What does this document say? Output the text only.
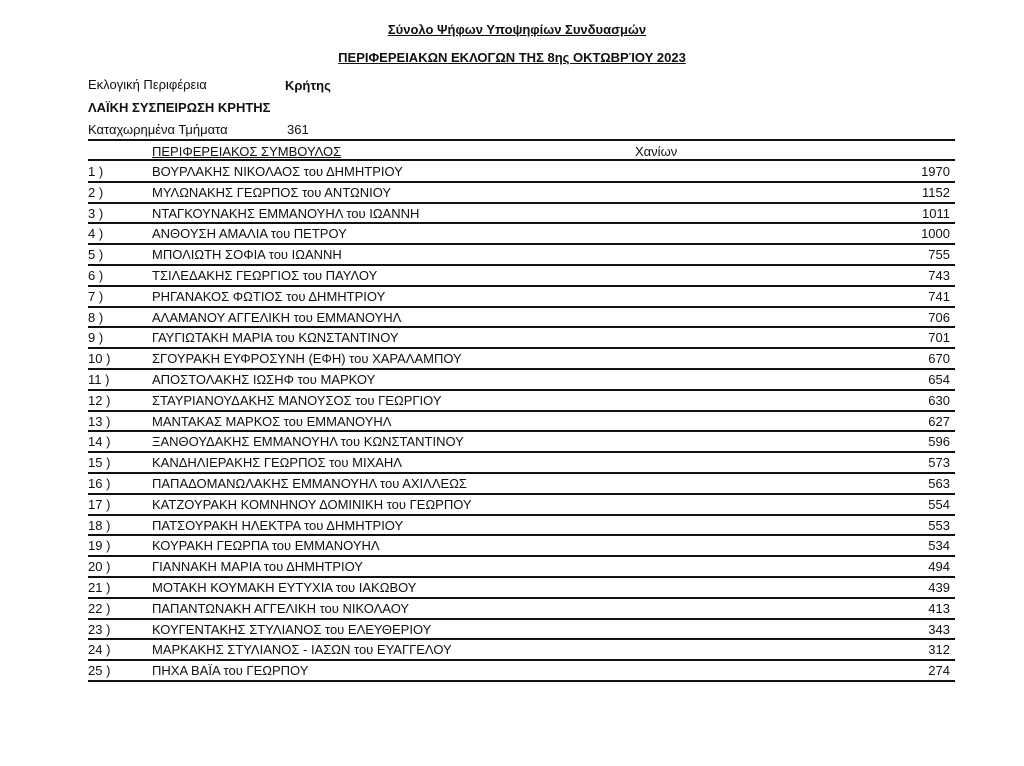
Σύνολο Ψήφων Υποψηφίων Συνδυασμών
ΠΕΡΙΦΕΡΕΙΑΚΩΝ ΕΚΛΟΓΩΝ ΤΗΣ 8ης ΟΚΤΩΒΡΊΟΥ 2023
Εκλογική Περιφέρεια	Κρήτης
ΛΑΪΚΗ ΣΥΣΠΕΙΡΩΣΗ ΚΡΗΤΗΣ
Καταχωρημένα Τμήματα	361
ΠΕΡΙΦΕΡΕΙΑΚΟΣ ΣΥΜΒΟΥΛΟΣ	Χανίων
1 )	ΒΟΥΡΛΑΚΗΣ ΝΙΚΟΛΑΟΣ του ΔΗΜΗΤΡΙΟΥ	1970
2 )	ΜΥΛΩΝΑΚΗΣ ΓΕΩΡΠΟΣ του ΑΝΤΩΝΙΟΥ	1152
3 )	ΝΤΑΓΚΟΥΝΑΚΗΣ ΕΜΜΑΝΟΥΗΛ του ΙΩΑΝΝΗ	1011
4 )	ΑΝΘΟΥΣΗ ΑΜΑΛΙΑ του ΠΕΤΡΟΥ	1000
5 )	ΜΠΟΛΙΩΤΗ ΣΟΦΙΑ του ΙΩΑΝΝΗ	755
6 )	ΤΣΙΛΕΔΑΚΗΣ ΓΕΩΡΓΙΟΣ του ΠΑΥΛΟΥ	743
7 )	ΡΗΓΑΝΑΚΟΣ ΦΩΤΙΟΣ του ΔΗΜΗΤΡΙΟΥ	741
8 )	ΑΛΑΜΑΝΟΥ ΑΓΓΕΛΙΚΗ του ΕΜΜΑΝΟΥΗΛ	706
9 )	ΓΑΥΓΙΩΤΑΚΗ ΜΑΡΙΑ του ΚΩΝΣΤΑΝΤΙΝΟΥ	701
10 )	ΣΓΟΥΡΑΚΗ ΕΥΦΡΟΣΥΝΗ (ΕΦΗ) του ΧΑΡΑΛΑΜΠΟΥ	670
11 )	ΑΠΟΣΤΟΛΑΚΗΣ ΙΩΣΗΦ του ΜΑΡΚΟΥ	654
12 )	ΣΤΑΥΡΙΑΝΟΥΔΑΚΗΣ ΜΑΝΟΥΣΟΣ του ΓΕΩΡΓΙΟΥ	630
13 )	ΜΑΝΤΑΚΑΣ ΜΑΡΚΟΣ του ΕΜΜΑΝΟΥΗΛ	627
14 )	ΞΑΝΘΟΥΔΑΚΗΣ ΕΜΜΑΝΟΥΗΛ του ΚΩΝΣΤΑΝΤΙΝΟΥ	596
15 )	ΚΑΝΔΗΛΙΕΡΑΚΗΣ ΓΕΩΡΠΟΣ του ΜΙΧΑΗΛ	573
16 )	ΠΑΠΑΔΟΜΑΝΩΛΑΚΗΣ ΕΜΜΑΝΟΥΗΛ του ΑΧΙΛΛΕΩΣ	563
17 )	ΚΑΤΖΟΥΡΑΚΗ ΚΟΜΝΗΝΟΥ ΔΟΜΙΝΙΚΗ του ΓΕΩΡΠΟΥ	554
18 )	ΠΑΤΣΟΥΡΑΚΗ ΗΛΕΚΤΡΑ του ΔΗΜΗΤΡΙΟΥ	553
19 )	ΚΟΥΡΑΚΗ ΓΕΩΡΠΑ του ΕΜΜΑΝΟΥΗΛ	534
20 )	ΓΙΑΝΝΑΚΗ ΜΑΡΙΑ του ΔΗΜΗΤΡΙΟΥ	494
21 )	ΜΟΤΑΚΗ ΚΟΥΜΑΚΗ ΕΥΤΥΧΙΑ του ΙΑΚΩΒΟΥ	439
22 )	ΠΑΠΑΝΤΩΝΑΚΗ ΑΓΓΕΛΙΚΗ του ΝΙΚΟΛΑΟΥ	413
23 )	ΚΟΥΓΕΝΤΑΚΗΣ ΣΤΥΛΙΑΝΟΣ του ΕΛΕΥΘΕΡΙΟΥ	343
24 )	ΜΑΡΚΑΚΗΣ ΣΤΥΛΙΑΝΟΣ - ΙΑΣΩΝ του ΕΥΑΓΓΕΛΟΥ	312
25 )	ΠΗΧΑ ΒΑΪΑ του ΓΕΩΡΠΟΥ	274
